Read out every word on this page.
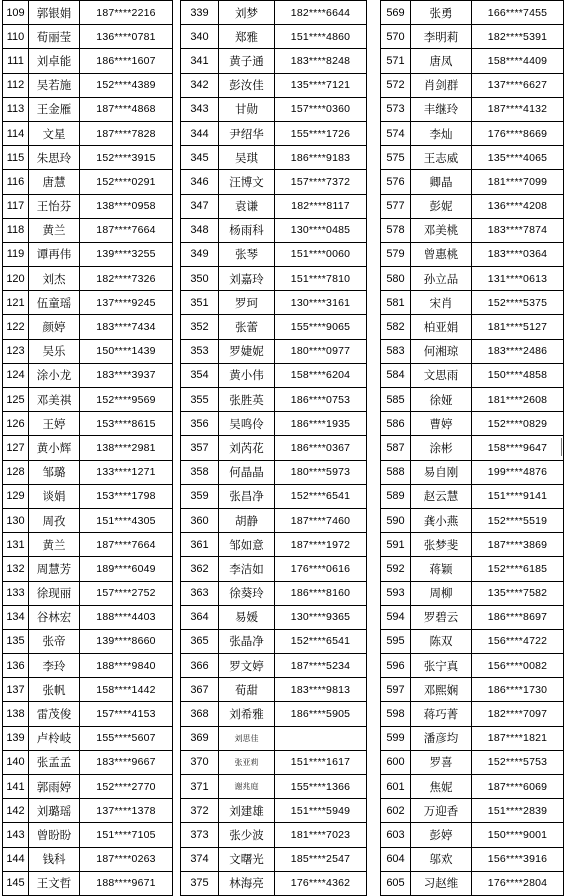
109	郭银娟	187****2216
110	荀丽莹	136****0781
111	刘卓能	186****1607
112	吴若施	152****4389
113	王金雁	187****4868
114	文星	187****7828
115	朱思玲	152****3915
116	唐慧	152****0291
117	王怡芬	138****0958
118	黄兰	187****7664
119	谭再伟	139****3255
120	刘杰	182****7326
121	伍童瑶	137****9245
122	颜婷	183****7434
123	吴乐	150****1439
124	涂小龙	183****3937
125	邓美祺	152****9569
126	王婷	153****8615
127	黄小辉	138****2981
128	邹璐	133****1271
129	谈娟	153****1798
130	周孜	151****4305
131	黄兰	187****7664
132	周慧芳	189****6049
133	徐现丽	157****2752
134	谷林宏	188****4403
135	张帝	139****8660
136	李玲	188****9840
137	张帆	158****1442
138	雷茂俊	157****4153
139	卢柃岐	155****5607
140	张孟孟	183****9667
141	郭雨婷	152****2770
142	刘璐瑶	137****1378
143	曾盼盼	151****7105
144	钱科	187****0263
145	王文哲	188****9671
339	刘梦	182****6644
340	郑雅	151****4860
341	黄子通	183****8248
342	彭汝佳	135****7121
343	甘勋	157****0360
344	尹绍华	155****1726
345	吴琪	186****9183
346	汪博文	157****7372
347	袁谦	182****8117
348	杨雨科	130****0485
349	张琴	151****0060
350	刘嘉玲	151****7810
351	罗珂	130****3161
352	张蕾	155****9065
353	罗婕妮	180****0977
354	黄小伟	158****6204
355	张胜英	186****0753
356	吴鸣伶	186****1935
357	刘芮花	186****0367
358	何晶晶	180****5973
359	张昌净	152****6541
360	胡静	187****7460
361	邹如意	187****1972
362	李洁如	176****0616
363	徐葵玲	186****8160
364	易媛	130****9365
365	张晶净	152****6541
366	罗文婷	187****5234
367	荀甜	183****9813
368	刘希雅	186****5905
369	刘思佳	
370	张亚莉	151****1617
371	谢兆庭	155****1366
372	刘建雄	151****5949
373	张少波	181****7023
374	文曙光	185****2547
375	林海亮	176****4362
569	张勇	166****7455
570	李明莉	182****5391
571	唐凤	158****4409
572	肖剑群	137****6627
573	丰继玲	187****4132
574	李灿	176****8669
575	王志威	135****4065
576	卿晶	181****7099
577	彭妮	136****4208
578	邓美桃	183****7874
579	曾惠桃	183****0364
580	孙立品	131****0613
581	宋肖	152****5375
582	柏亚娟	181****5127
583	何湘琼	183****2486
584	文思雨	150****4858
585	徐娅	181****2608
586	曹婷	152****0829
587	涂彬	158****9647
588	易自刚	199****4876
589	赵云慧	151****9141
590	龚小燕	152****5519
591	张梦斐	187****3869
592	蒋颖	152****6185
593	周柳	135****7582
594	罗碧云	186****8697
595	陈双	156****4722
596	张宁真	156****0082
597	邓熙娴	186****1730
598	蒋巧菁	182****7097
599	潘彦均	187****1821
600	罗喜	152****5753
601	焦妮	187****6069
602	万迎香	151****2839
603	彭婷	150****9001
604	邬欢	156****3916
605	习赵维	176****2804
